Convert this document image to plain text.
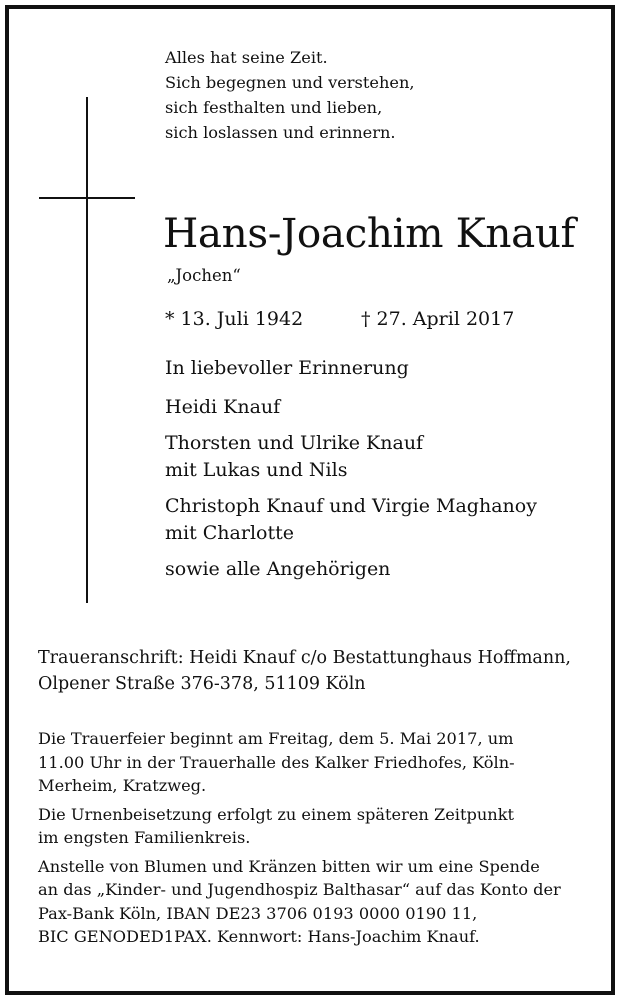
Alles hat seine Zeit.
Sich begegnen und verstehen,
sich festhalten und lieben,
sich loslassen und erinnern.
Hans-Joachim Knauf
„Jochen“
* 13. Juli 1942	† 27. April 2017
In liebevoller Erinnerung
Heidi Knauf
Thorsten und Ulrike Knauf
mit Lukas und Nils
Christoph Knauf und Virgie Maghanoy
mit Charlotte
sowie alle Angehörigen
Traueranschrift: Heidi Knauf c/o Bestattunghaus Hoffmann,
Olpener Straße 376-378, 51109 Köln
Die Trauerfeier beginnt am Freitag, dem 5. Mai 2017, um
11.00 Uhr in der Trauerhalle des Kalker Friedhofes, Köln-
Merheim, Kratzweg.
Die Urnenbeisetzung erfolgt zu einem späteren Zeitpunkt
im engsten Familienkreis.
Anstelle von Blumen und Kränzen bitten wir um eine Spende
an das „Kinder- und Jugendhospiz Balthasar“ auf das Konto der
Pax-Bank Köln, IBAN DE23 3706 0193 0000 0190 11,
BIC GENODED1PAX. Kennwort: Hans-Joachim Knauf.
